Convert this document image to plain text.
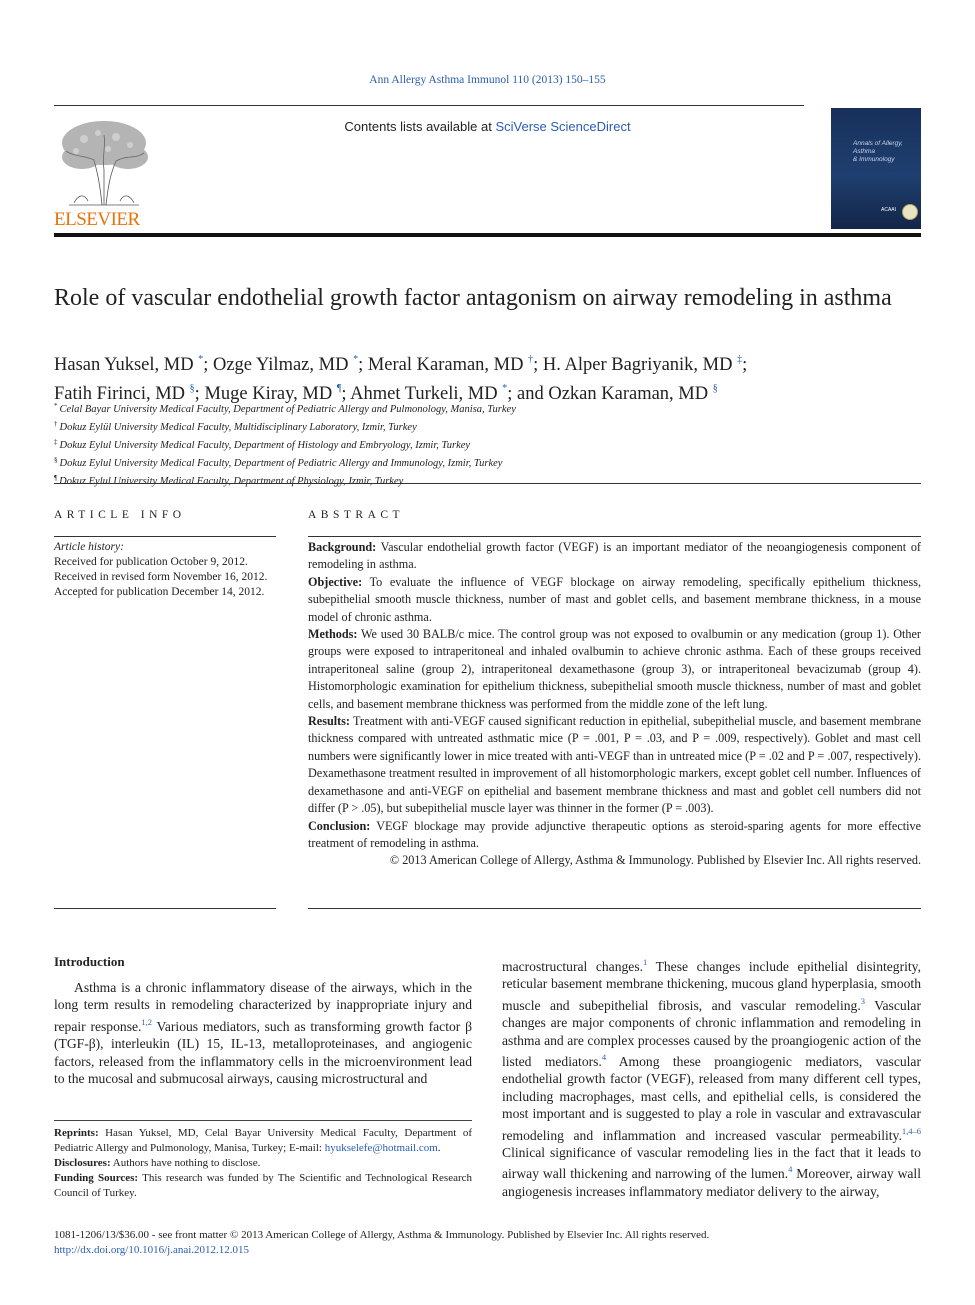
Ann Allergy Asthma Immunol 110 (2013) 150–155
Contents lists available at SciVerse ScienceDirect
ELSEVIER
Annals of Allergy, Asthma
& Immunology
ACAAI
Role of vascular endothelial growth factor antagonism on airway remodeling in asthma
Hasan Yuksel, MD *; Ozge Yilmaz, MD *; Meral Karaman, MD †; H. Alper Bagriyanik, MD ‡;
Fatih Firinci, MD §; Muge Kiray, MD ¶; Ahmet Turkeli, MD *; and Ozkan Karaman, MD §
* Celal Bayar University Medical Faculty, Department of Pediatric Allergy and Pulmonology, Manisa, Turkey
† Dokuz Eylül University Medical Faculty, Multidisciplinary Laboratory, Izmir, Turkey
‡ Dokuz Eylul University Medical Faculty, Department of Histology and Embryology, Izmir, Turkey
§ Dokuz Eylul University Medical Faculty, Department of Pediatric Allergy and Immunology, Izmir, Turkey
¶ Dokuz Eylul University Medical Faculty, Department of Physiology, Izmir, Turkey
ARTICLE INFO
Article history:
Received for publication October 9, 2012.
Received in revised form November 16, 2012.
Accepted for publication December 14, 2012.
ABSTRACT

Background: Vascular endothelial growth factor (VEGF) is an important mediator of the neoangiogenesis component of remodeling in asthma.

Objective: To evaluate the influence of VEGF blockage on airway remodeling, specifically epithelium thickness, subepithelial smooth muscle thickness, number of mast and goblet cells, and basement membrane thickness, in a mouse model of chronic asthma.

Methods: We used 30 BALB/c mice. The control group was not exposed to ovalbumin or any medication (group 1). Other groups were exposed to intraperitoneal and inhaled ovalbumin to achieve chronic asthma. Each of these groups received intraperitoneal saline (group 2), intraperitoneal dexamethasone (group 3), or intraperitoneal bevacizumab (group 4). Histomorphologic examination for epithelium thickness, subepithelial smooth muscle thickness, number of mast and goblet cells, and basement membrane thickness was performed from the middle zone of the left lung.

Results: Treatment with anti-VEGF caused significant reduction in epithelial, subepithelial muscle, and basement membrane thickness compared with untreated asthmatic mice (P = .001, P = .03, and P = .009, respectively). Goblet and mast cell numbers were significantly lower in mice treated with anti-VEGF than in untreated mice (P = .02 and P = .007, respectively). Dexamethasone treatment resulted in improvement of all histomorphologic markers, except goblet cell number. Influences of dexamethasone and anti-VEGF on epithelial and basement membrane thickness and mast and goblet cell numbers did not differ (P > .05), but subepithelial muscle layer was thinner in the former (P = .003).

Conclusion: VEGF blockage may provide adjunctive therapeutic options as steroid-sparing agents for more effective treatment of remodeling in asthma.

© 2013 American College of Allergy, Asthma & Immunology. Published by Elsevier Inc. All rights reserved.

Introduction

Asthma is a chronic inflammatory disease of the airways, which in the long term results in remodeling characterized by inappropriate injury and repair response.$^{1,2}$ Various mediators, such as transforming growth factor β (TGF-β), interleukin (IL) 15, IL-13, metalloproteinases, and angiogenic factors, released from the inflammatory cells in the microenvironment lead to the mucosal and submucosal airways, causing microstructural and

macrostructural changes.$^1$ These changes include epithelial disintegrity, reticular basement membrane thickening, mucous gland hyperplasia, smooth muscle and subepithelial fibrosis, and vascular remodeling.$^3$ Vascular changes are major components of chronic inflammation and remodeling in asthma and are complex processes caused by the proangiogenic action of the listed mediators.$^4$ Among these proangiogenic mediators, vascular endothelial growth factor (VEGF), released from many different cell types, including macrophages, mast cells, and epithelial cells, is considered the most important and is suggested to play a role in vascular and extravascular remodeling and inflammation and increased vascular permeability.$^{1,4-6}$ Clinical significance of vascular remodeling lies in the fact that it leads to airway wall thickening and narrowing of the lumen.$^4$ Moreover, airway wall angiogenesis increases inflammatory mediator delivery to the airway,

Reprints: Hasan Yuksel, MD, Celal Bayar University Medical Faculty, Department of Pediatric Allergy and Pulmonology, Manisa, Turkey; E-mail: hyukselefe@hotmail.com.

Disclosures: Authors have nothing to disclose.

Funding Sources: This research was funded by The Scientific and Technological Research Council of Turkey.

1081-1206/13/$36.00 - see front matter © 2013 American College of Allergy, Asthma & Immunology. Published by Elsevier Inc. All rights reserved.
http://dx.doi.org/10.1016/j.anai.2012.12.015
